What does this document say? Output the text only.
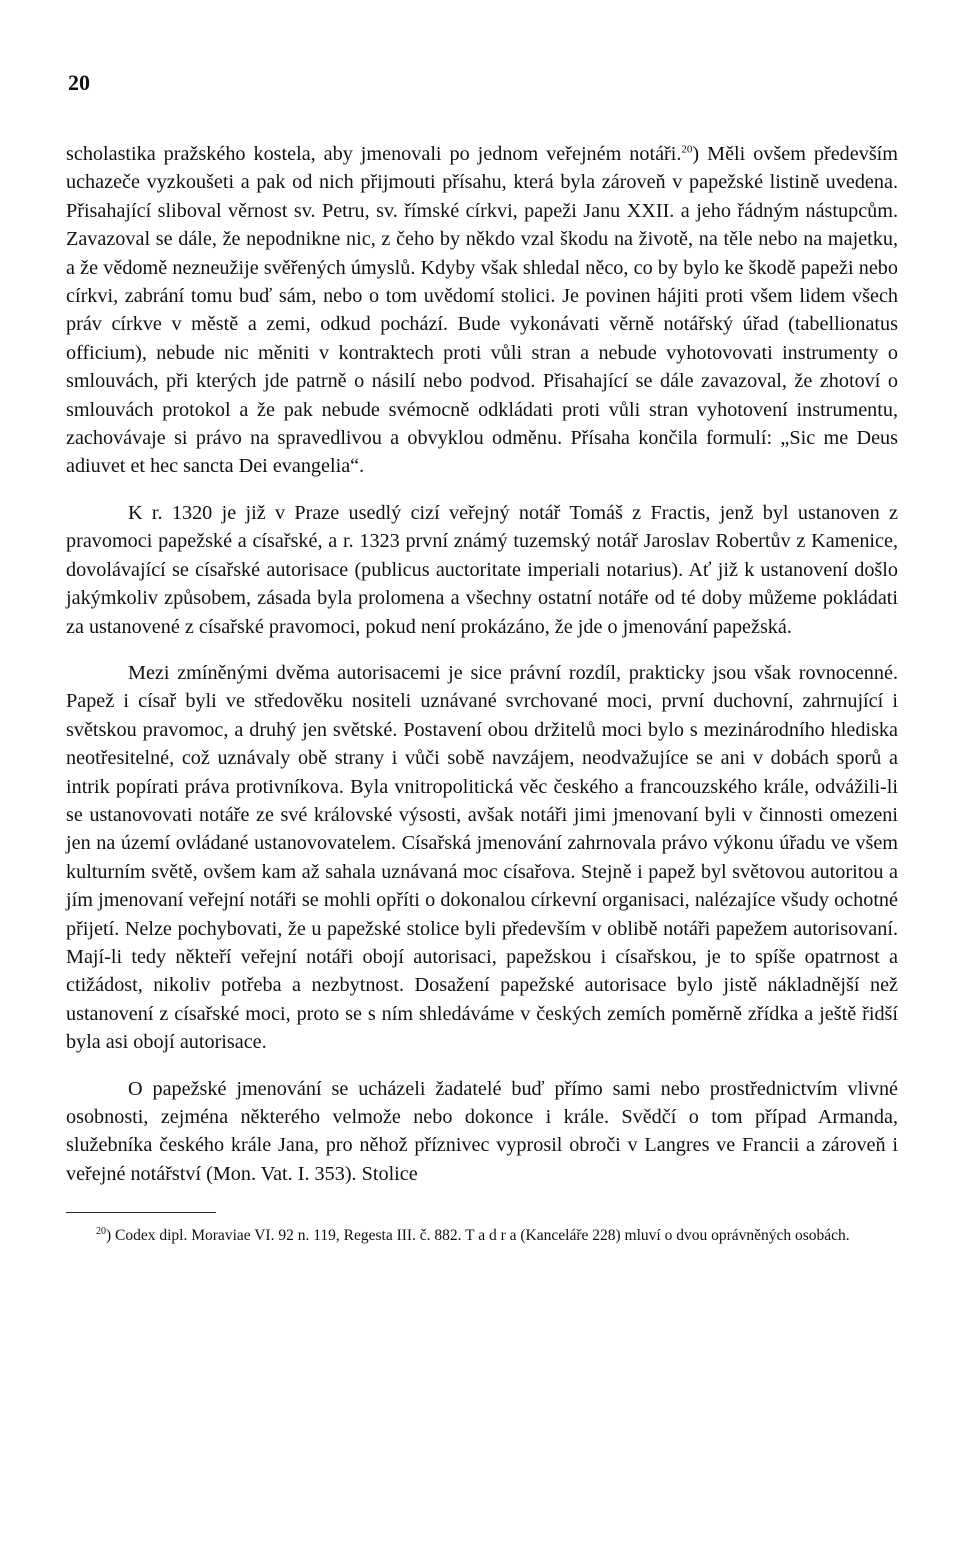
20

scholastika pražského kostela, aby jmenovali po jednom veřejném notáři.$^{20}$) Měli ovšem především uchazeče vyzkoušeti a pak od nich přijmouti přísahu, která byla zároveň v papežské listině uvedena. Přisahající sliboval věrnost sv. Petru, sv. římské církvi, papeži Janu XXII. a jeho řádným nástupcům. Zavazoval se dále, že nepodnikne nic, z čeho by někdo vzal škodu na životě, na těle nebo na majetku, a že vědomě nezneužije svěřených úmyslů. Kdyby však shledal něco, co by bylo ke škodě papeži nebo církvi, zabrání tomu buď sám, nebo o tom uvědomí stolici. Je povinen hájiti proti všem lidem všech práv církve v městě a zemi, odkud pochází. Bude vykonávati věrně notářský úřad (tabellionatus officium), nebude nic měniti v kontraktech proti vůli stran a nebude vyhotovovati instrumenty o smlouvách, při kterých jde patrně o násilí nebo podvod. Přisahající se dále zavazoval, že zhotoví o smlouvách protokol a že pak nebude svémocně odkládati proti vůli stran vyhotovení instrumentu, zachovávaje si právo na spravedlivou a obvyklou odměnu. Přísaha končila formulí: „Sic me Deus adiuvet et hec sancta Dei evangelia“.

K r. 1320 je již v Praze usedlý cizí veřejný notář Tomáš z Fractis, jenž byl ustanoven z pravomoci papežské a císařské, a r. 1323 první známý tuzemský notář Jaroslav Robertův z Kamenice, dovolávající se císařské autorisace (publicus auctoritate imperiali notarius). Ať již k ustanovení došlo jakýmkoliv způsobem, zásada byla prolomena a všechny ostatní notáře od té doby můžeme pokládati za ustanovené z císařské pravomoci, pokud není prokázáno, že jde o jmenování papežská.

Mezi zmíněnými dvěma autorisacemi je sice právní rozdíl, prakticky jsou však rovnocenné. Papež i císař byli ve středověku nositeli uznávané svrchované moci, první duchovní, zahrnující i světskou pravomoc, a druhý jen světské. Postavení obou držitelů moci bylo s mezinárodního hlediska neotřesitelné, což uznávaly obě strany i vůči sobě navzájem, neodvažujíce se ani v dobách sporů a intrik popírati práva protivníkova. Byla vnitropolitická věc českého a francouzského krále, odvážili-li se ustanovovati notáře ze své královské výsosti, avšak notáři jimi jmenovaní byli v činnosti omezeni jen na území ovládané ustanovovatelem. Císařská jmenování zahrnovala právo výkonu úřadu ve všem kulturním světě, ovšem kam až sahala uznávaná moc císařova. Stejně i papež byl světovou autoritou a jím jmenovaní veřejní notáři se mohli opříti o dokonalou církevní organisaci, nalézajíce všudy ochotné přijetí. Nelze pochybovati, že u papežské stolice byli především v oblibě notáři papežem autorisovaní. Mají-li tedy někteří veřejní notáři obojí autorisaci, papežskou i císařskou, je to spíše opatrnost a ctižádost, nikoliv potřeba a nezbytnost. Dosažení papežské autorisace bylo jistě nákladnější než ustanovení z císařské moci, proto se s ním shledáváme v českých zemích poměrně zřídka a ještě řidší byla asi obojí autorisace.

O papežské jmenování se ucházeli žadatelé buď přímo sami nebo prostřednictvím vlivné osobnosti, zejména některého velmože nebo dokonce i krále. Svědčí o tom případ Armanda, služebníka českého krále Jana, pro něhož příznivec vyprosil obroči v Langres ve Francii a zároveň i veřejné notářství (Mon. Vat. I. 353). Stolice

$^{20}$) Codex dipl. Moraviae VI. 92 n. 119, Regesta III. č. 882. T a d r a (Kanceláře 228) mluví o dvou oprávněných osobách.
